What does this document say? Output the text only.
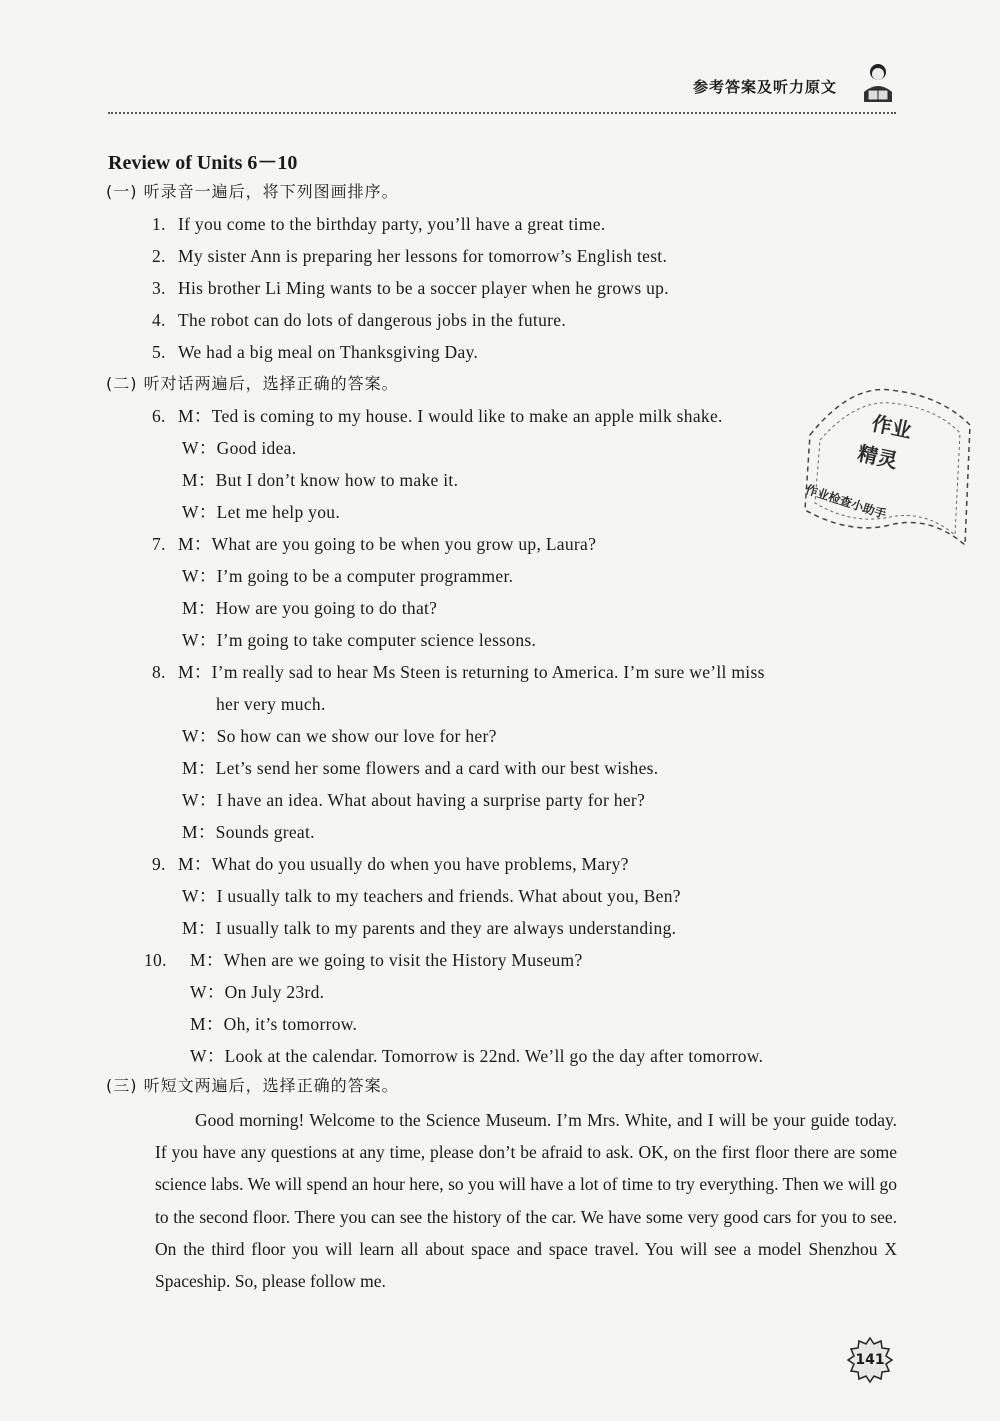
参考答案及听力原文
Review of Units 6－10
(一) 听录音一遍后，将下列图画排序。
1. If you come to the birthday party, you’ll have a great time.
2. My sister Ann is preparing her lessons for tomorrow’s English test.
3. His brother Li Ming wants to be a soccer player when he grows up.
4. The robot can do lots of dangerous jobs in the future.
5. We had a big meal on Thanksgiving Day.
(二) 听对话两遍后，选择正确的答案。
6. M：Ted is coming to my house. I would like to make an apple milk shake.
W：Good idea.
M：But I don’t know how to make it.
W：Let me help you.
7. M：What are you going to be when you grow up, Laura?
W：I’m going to be a computer programmer.
M：How are you going to do that?
W：I’m going to take computer science lessons.
8. M：I’m really sad to hear Ms Steen is returning to America. I’m sure we’ll miss
her very much.
W：So how can we show our love for her?
M：Let’s send her some flowers and a card with our best wishes.
W：I have an idea. What about having a surprise party for her?
M：Sounds great.
9. M：What do you usually do when you have problems, Mary?
W：I usually talk to my teachers and friends. What about you, Ben?
M：I usually talk to my parents and they are always understanding.
10. M：When are we going to visit the History Museum?
W：On July 23rd.
M：Oh, it’s tomorrow.
W：Look at the calendar. Tomorrow is 22nd. We’ll go the day after tomorrow.
(三) 听短文两遍后，选择正确的答案。
Good morning! Welcome to the Science Museum. I’m Mrs. White, and I will be your guide today. If you have any questions at any time, please don’t be afraid to ask. OK, on the first floor there are some science labs. We will spend an hour here, so you will have a lot of time to try everything. Then we will go to the second floor. There you can see the history of the car. We have some very good cars for you to see. On the third floor you will learn all about space and space travel. You will see a model Shenzhou X Spaceship. So, please follow me.
作业
精灵
作业检查小助手
141
